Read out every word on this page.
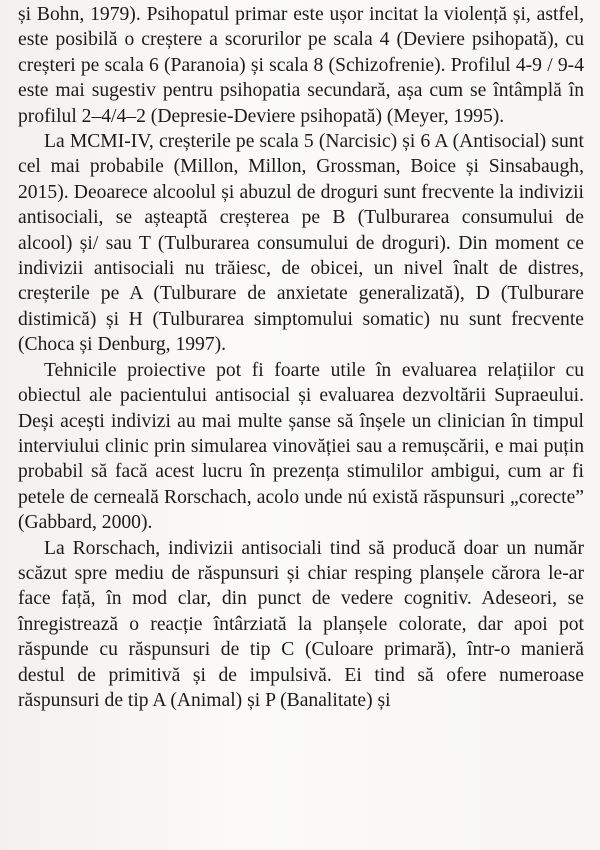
și Bohn, 1979). Psihopatul primar este ușor incitat la violență și, astfel, este posibilă o creștere a scorurilor pe scala 4 (Deviere psihopată), cu creșteri pe scala 6 (Paranoia) și scala 8 (Schizofrenie). Profilul 4-9 / 9-4 este mai sugestiv pentru psihopatia secundară, așa cum se întâmplă în profilul 2–4/4–2 (Depresie-Deviere psihopată) (Meyer, 1995).

La MCMI-IV, creșterile pe scala 5 (Narcisic) și 6 A (Antisocial) sunt cel mai probabile (Millon, Millon, Grossman, Boice și Sinsabaugh, 2015). Deoarece alcoolul și abuzul de droguri sunt frecvente la indivizii antisociali, se așteaptă creșterea pe B (Tulburarea consumului de alcool) și/ sau T (Tulburarea consumului de droguri). Din moment ce indivizii antisociali nu trăiesc, de obicei, un nivel înalt de distres, creșterile pe A (Tulburare de anxietate generalizată), D (Tulburare distimică) și H (Tulburarea simptomului somatic) nu sunt frecvente (Choca și Denburg, 1997).

Tehnicile proiective pot fi foarte utile în evaluarea relațiilor cu obiectul ale pacientului antisocial și evaluarea dezvoltării Supraeului. Deși acești indivizi au mai multe șanse să înșele un clinician în timpul interviului clinic prin simularea vinovăției sau a remușcării, e mai puțin probabil să facă acest lucru în prezența stimulilor ambigui, cum ar fi petele de cerneală Rorschach, acolo unde nú există răspunsuri „corecte” (Gabbard, 2000).

La Rorschach, indivizii antisociali tind să producă doar un număr scăzut spre mediu de răspunsuri și chiar resping planșele cărora le-ar face față, în mod clar, din punct de vedere cognitiv. Adeseori, se înregistrează o reacție întârziată la planșele colorate, dar apoi pot răspunde cu răspunsuri de tip C (Culoare primară), într-o manieră destul de primitivă și de impulsivă. Ei tind să ofere numeroase răspunsuri de tip A (Animal) și P (Banalitate) și
